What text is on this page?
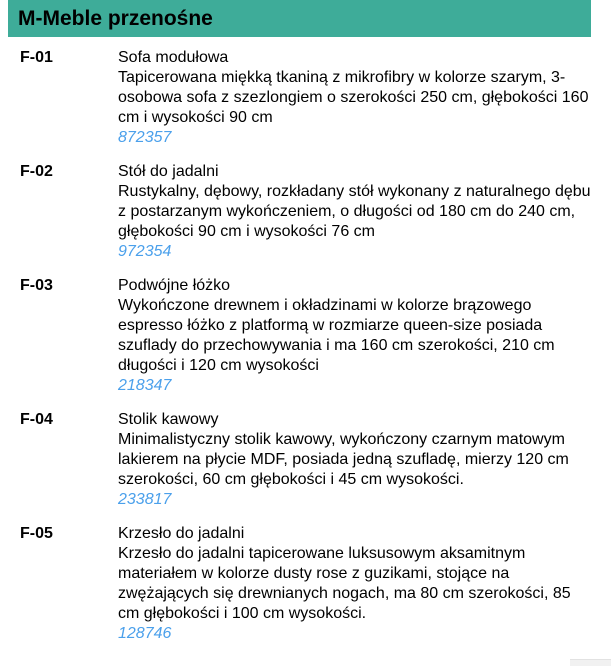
M-Meble przenośne
F-01	Sofa modułowa
Tapicerowana miękką tkaniną z mikrofibry w kolorze szarym, 3-osobowa sofa z szezlongiem o szerokości 250 cm, głębokości 160 cm i wysokości 90 cm
872357
F-02	Stół do jadalni
Rustykalny, dębowy, rozkładany stół wykonany z naturalnego dębu z postarzanym wykończeniem, o długości od 180 cm do 240 cm, głębokości 90 cm i wysokości 76 cm
972354
F-03	Podwójne łóżko
Wykończone drewnem i okładzinami w kolorze brązowego espresso łóżko z platformą w rozmiarze queen-size posiada szuflady do przechowywania i ma 160 cm szerokości, 210 cm długości i 120 cm wysokości
218347
F-04	Stolik kawowy
Minimalistyczny stolik kawowy, wykończony czarnym matowym lakierem na płycie MDF, posiada jedną szufladę, mierzy 120 cm szerokości, 60 cm głębokości i 45 cm wysokości.
233817
F-05	Krzesło do jadalni
Krzesło do jadalni tapicerowane luksusowym aksamitnym materiałem w kolorze dusty rose z guzikami, stojące na zwężających się drewnianych nogach, ma 80 cm szerokości, 85 cm głębokości i 100 cm wysokości.
128746
